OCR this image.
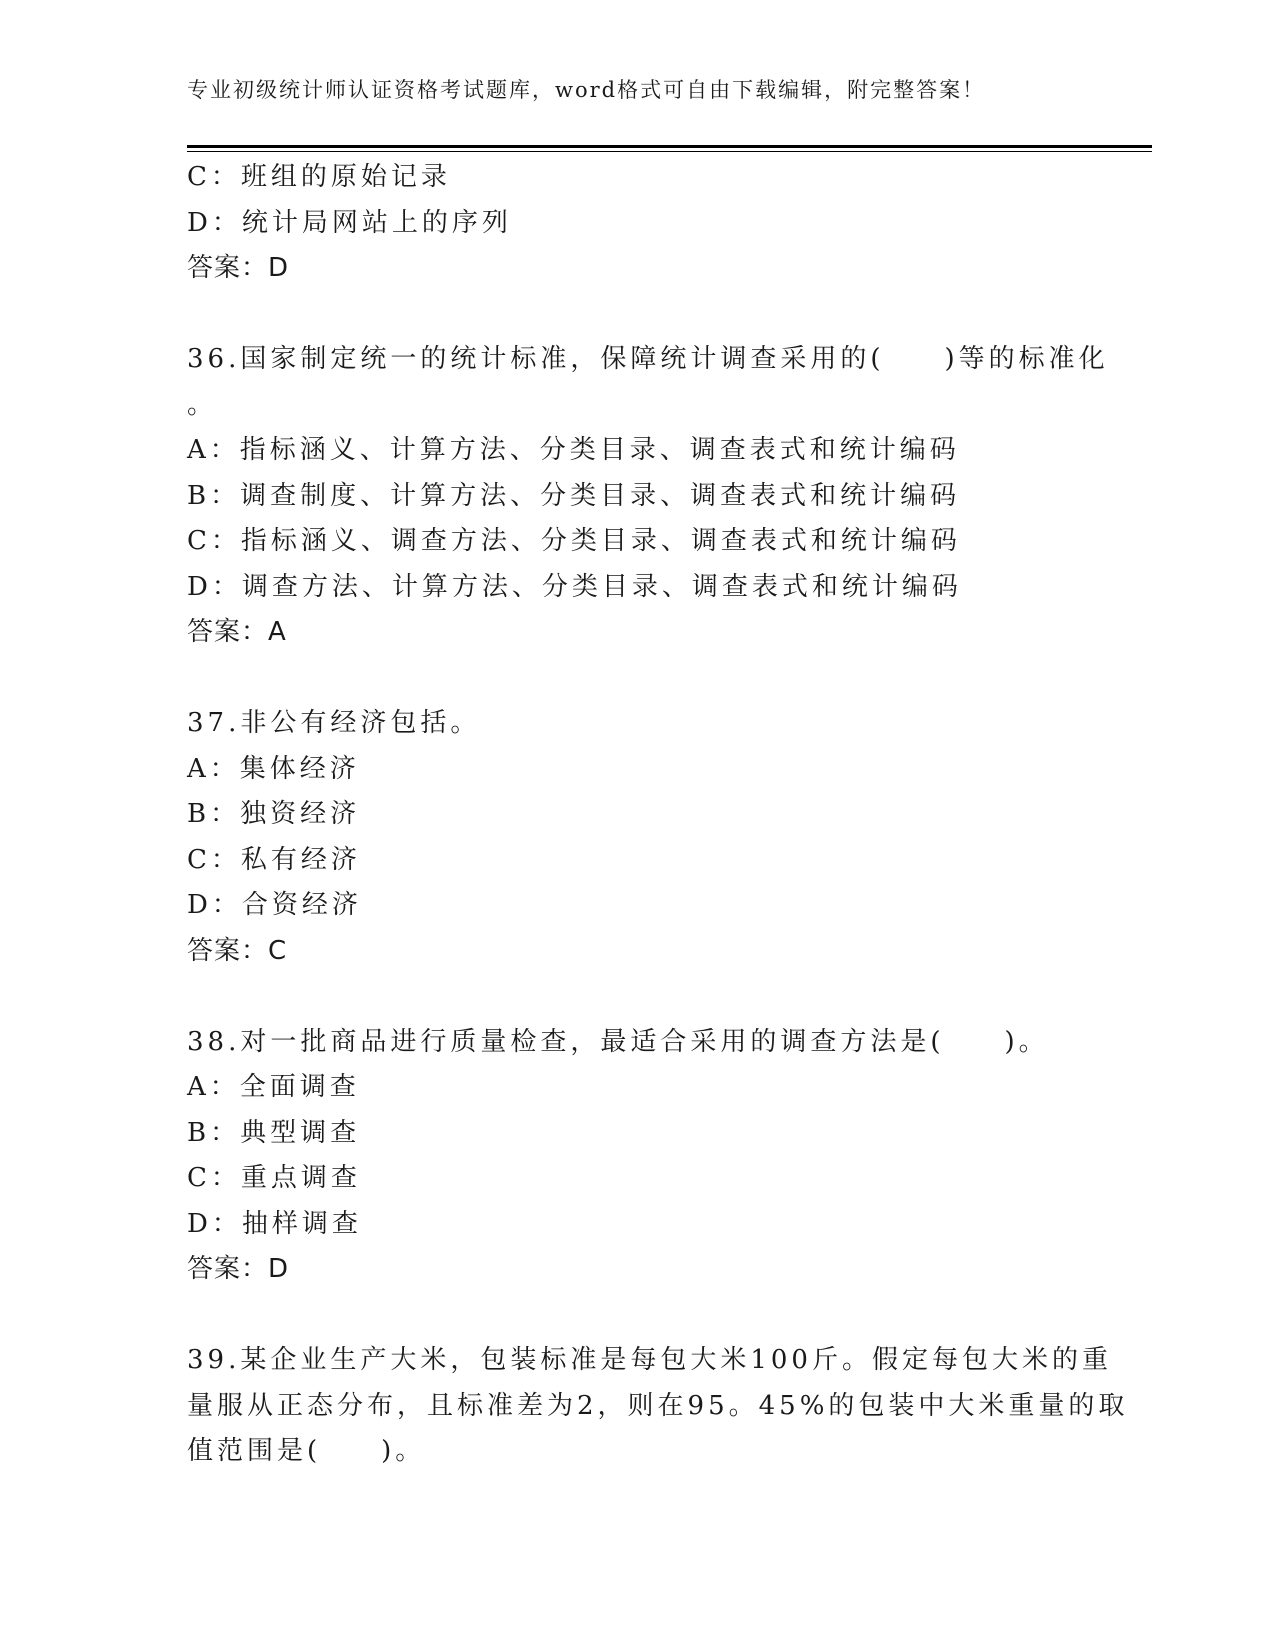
专业初级统计师认证资格考试题库，word格式可自由下载编辑，附完整答案！
C：班组的原始记录
D：统计局网站上的序列
答案：D
36.国家制定统一的统计标准，保障统计调查采用的(　　)等的标准化
。
A：指标涵义、计算方法、分类目录、调查表式和统计编码
B：调查制度、计算方法、分类目录、调查表式和统计编码
C：指标涵义、调查方法、分类目录、调查表式和统计编码
D：调查方法、计算方法、分类目录、调查表式和统计编码
答案：A
37.非公有经济包括。
A：集体经济
B：独资经济
C：私有经济
D：合资经济
答案：C
38.对一批商品进行质量检查，最适合采用的调查方法是(　　)。
A：全面调查
B：典型调查
C：重点调查
D：抽样调查
答案：D
39.某企业生产大米，包装标准是每包大米100斤。假定每包大米的重
量服从正态分布，且标准差为2，则在95。45%的包装中大米重量的取
值范围是(　　)。
